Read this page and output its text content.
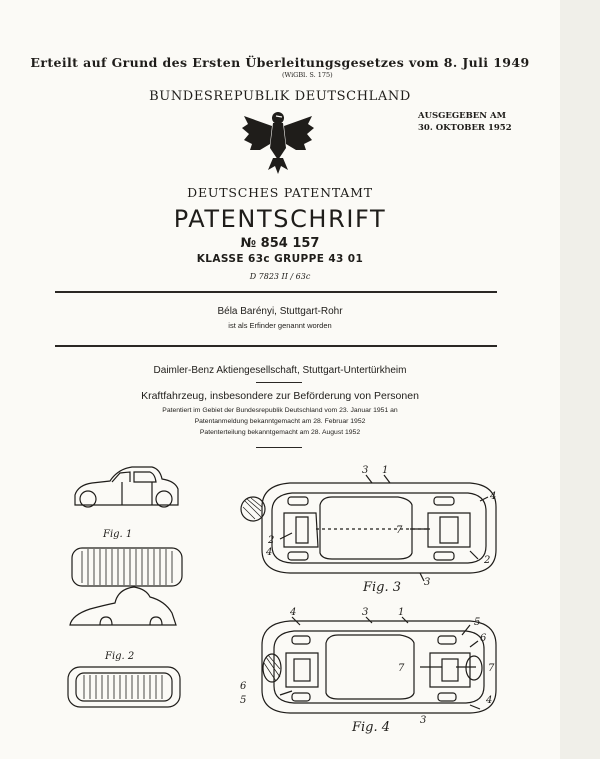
Erteilt auf Grund des Ersten Überleitungsgesetzes vom 8. Juli 1949
(WiGBl. S. 175)
BUNDESREPUBLIK DEUTSCHLAND
AUSGEGEBEN AM
30. OKTOBER 1952
DEUTSCHES PATENTAMT
PATENTSCHRIFT
№ 854 157
KLASSE 63c GRUPPE 43 01
D 7823 II / 63c
Béla Barényi, Stuttgart-Rohr
ist als Erfinder genannt worden
Daimler-Benz Aktiengesellschaft, Stuttgart-Untertürkheim
Kraftfahrzeug, insbesondere zur Beförderung von Personen
Patentiert im Gebiet der Bundesrepublik Deutschland vom 23. Januar 1951 an
Patentanmeldung bekanntgemacht am 28. Februar 1952
Patenterteilung bekanntgemacht am 28. August 1952
Fig. 1
Fig. 2
Fig. 3
Fig. 4
3 1
4
7
2
4
2
3
4	3	1
5
6
7	7
6
5	4
3
